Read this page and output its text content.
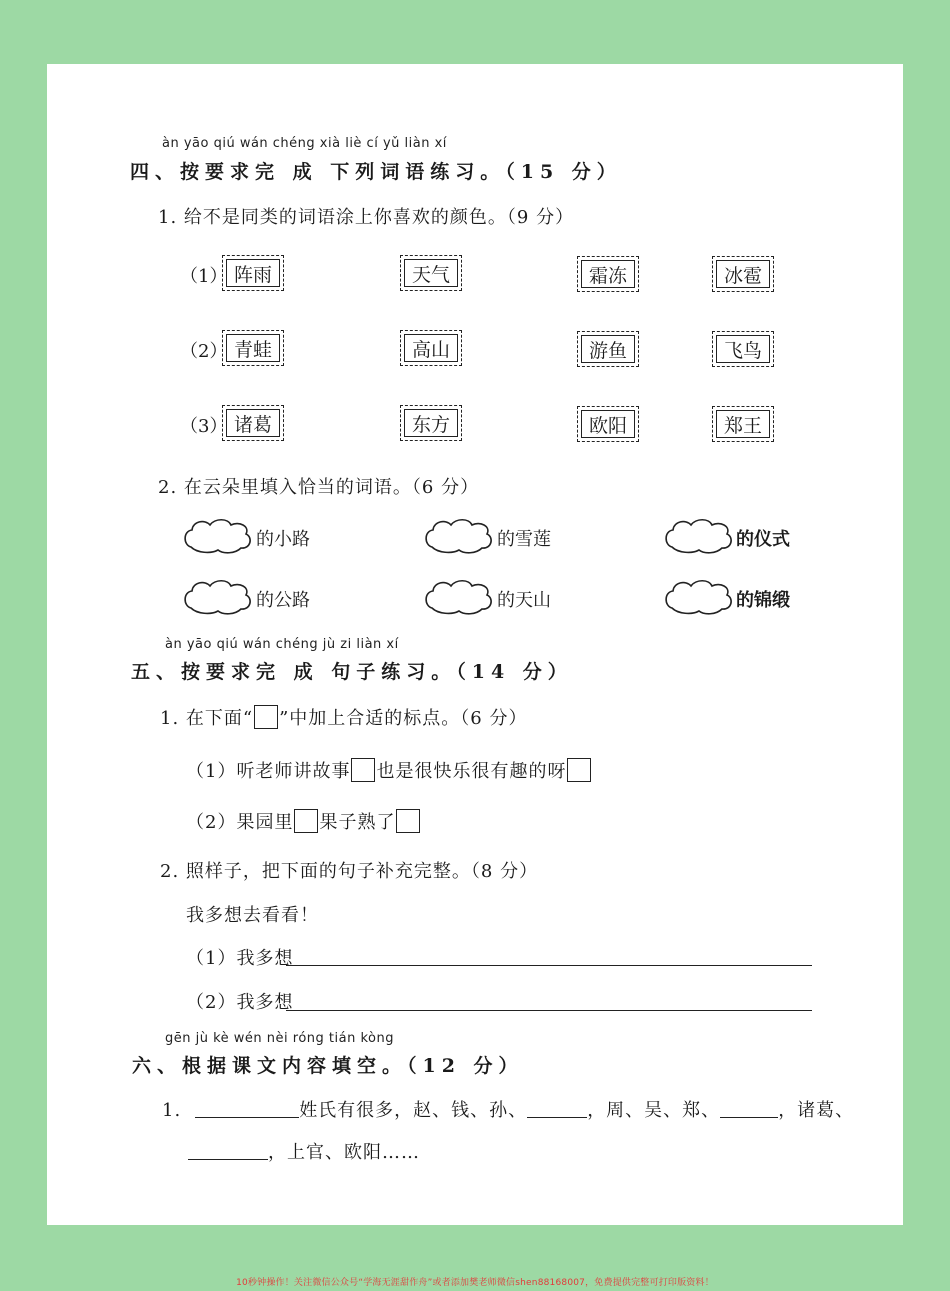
àn yāo qiú wán chéng xià liè cí yǔ liàn xí
四、按要求完 成 下列词语练习。（15 分）
1. 给不是同类的词语涂上你喜欢的颜色。（9 分）
（1） 阵雨	天气	霜冻	冰雹
（2） 青蛙	高山	游鱼	飞鸟
（3） 诸葛	东方	欧阳	郑王
2. 在云朵里填入恰当的词语。（6 分）
的小路	的雪莲	的仪式
的公路	的天山	的锦缎
àn yāo qiú wán chéng jù zi liàn xí
五、按要求完 成 句子练习。（14 分）
1. 在下面“ ”中加上合适的标点。（6 分）
（1）听老师讲故事 也是很快乐很有趣的呀
（2）果园里 果子熟了
2. 照样子，把下面的句子补充完整。（8 分）
我多想去看看！
（1）我多想
（2）我多想
gēn jù kè wén nèi róng tián kòng
六、根据课文内容填空。（12 分）
1.	姓氏有很多，赵、钱、孙、	，周、吴、郑、	，诸葛、
，上官、欧阳……
10秒钟操作！关注微信公众号“学海无涯甜作舟”或者添加樊老师微信shen88168007，免费提供完整可打印版资料！
